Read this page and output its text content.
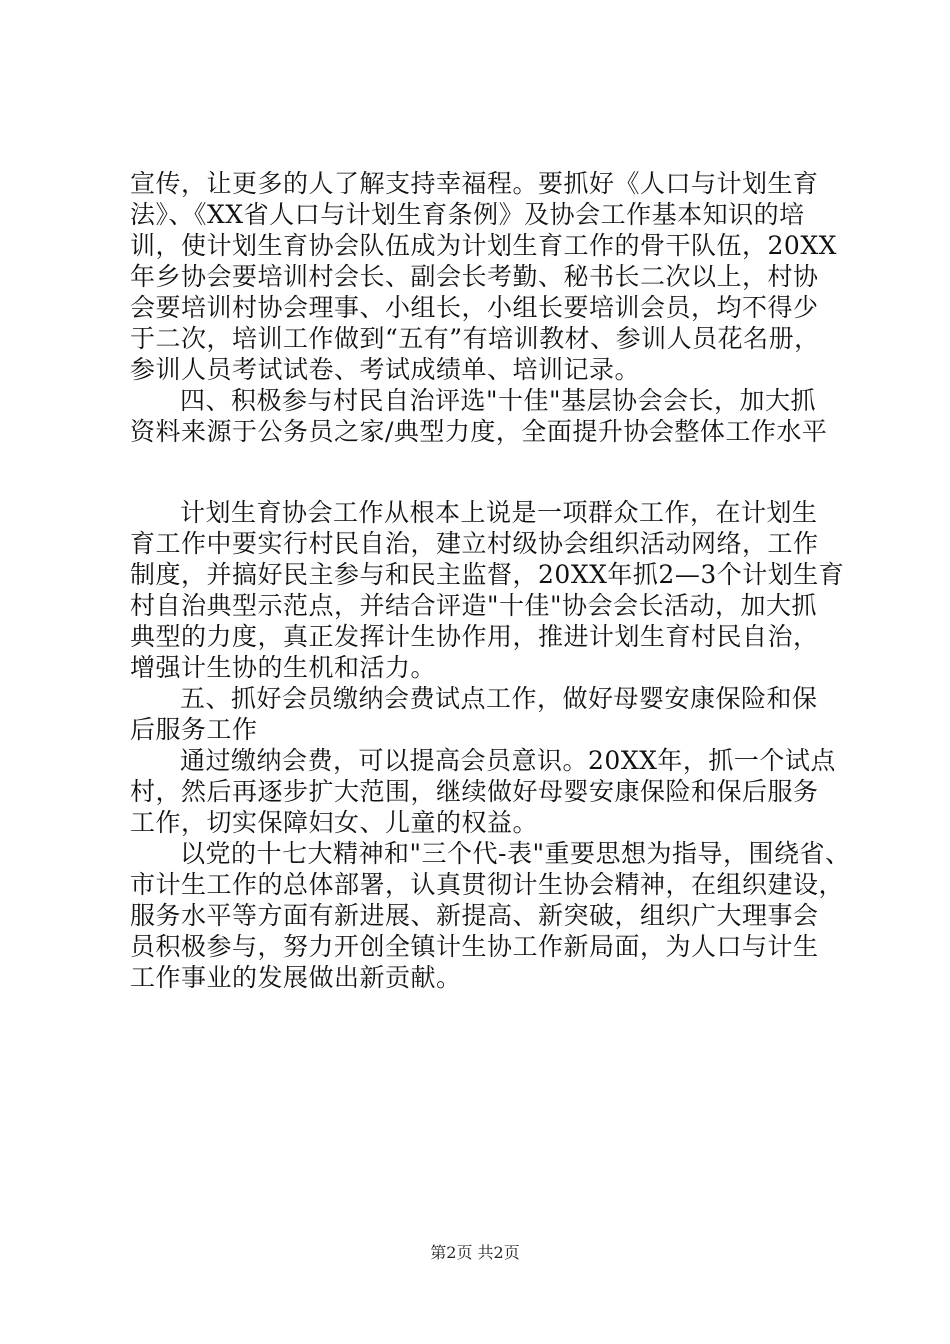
宣传，让更多的人了解支持幸福程。要抓好《人口与计划生育
法》、《XX省人口与计划生育条例》及协会工作基本知识的培
训，使计划生育协会队伍成为计划生育工作的骨干队伍，20XX
年乡协会要培训村会长、副会长考勤、秘书长二次以上，村协
会要培训村协会理事、小组长，小组长要培训会员，均不得少
于二次，培训工作做到“五有”有培训教材、参训人员花名册，
参训人员考试试卷、考试成绩单、培训记录。
四、积极参与村民自治评选"十佳"基层协会会长，加大抓
资料来源于公务员之家/典型力度，全面提升协会整体工作水平
计划生育协会工作从根本上说是一项群众工作，在计划生
育工作中要实行村民自治，建立村级协会组织活动网络，工作
制度，并搞好民主参与和民主监督，20XX年抓2—3个计划生育
村自治典型示范点，并结合评造"十佳"协会会长活动，加大抓
典型的力度，真正发挥计生协作用，推进计划生育村民自治，
增强计生协的生机和活力。
五、抓好会员缴纳会费试点工作，做好母婴安康保险和保
后服务工作
通过缴纳会费，可以提高会员意识。20XX年，抓一个试点
村，然后再逐步扩大范围，继续做好母婴安康保险和保后服务
工作，切实保障妇女、儿童的权益。
以党的十七大精神和"三个代-表"重要思想为指导，围绕省、
市计生工作的总体部署，认真贯彻计生协会精神，在组织建设，
服务水平等方面有新进展、新提高、新突破，组织广大理事会
员积极参与，努力开创全镇计生协工作新局面，为人口与计生
工作事业的发展做出新贡献。
第2页 共2页
